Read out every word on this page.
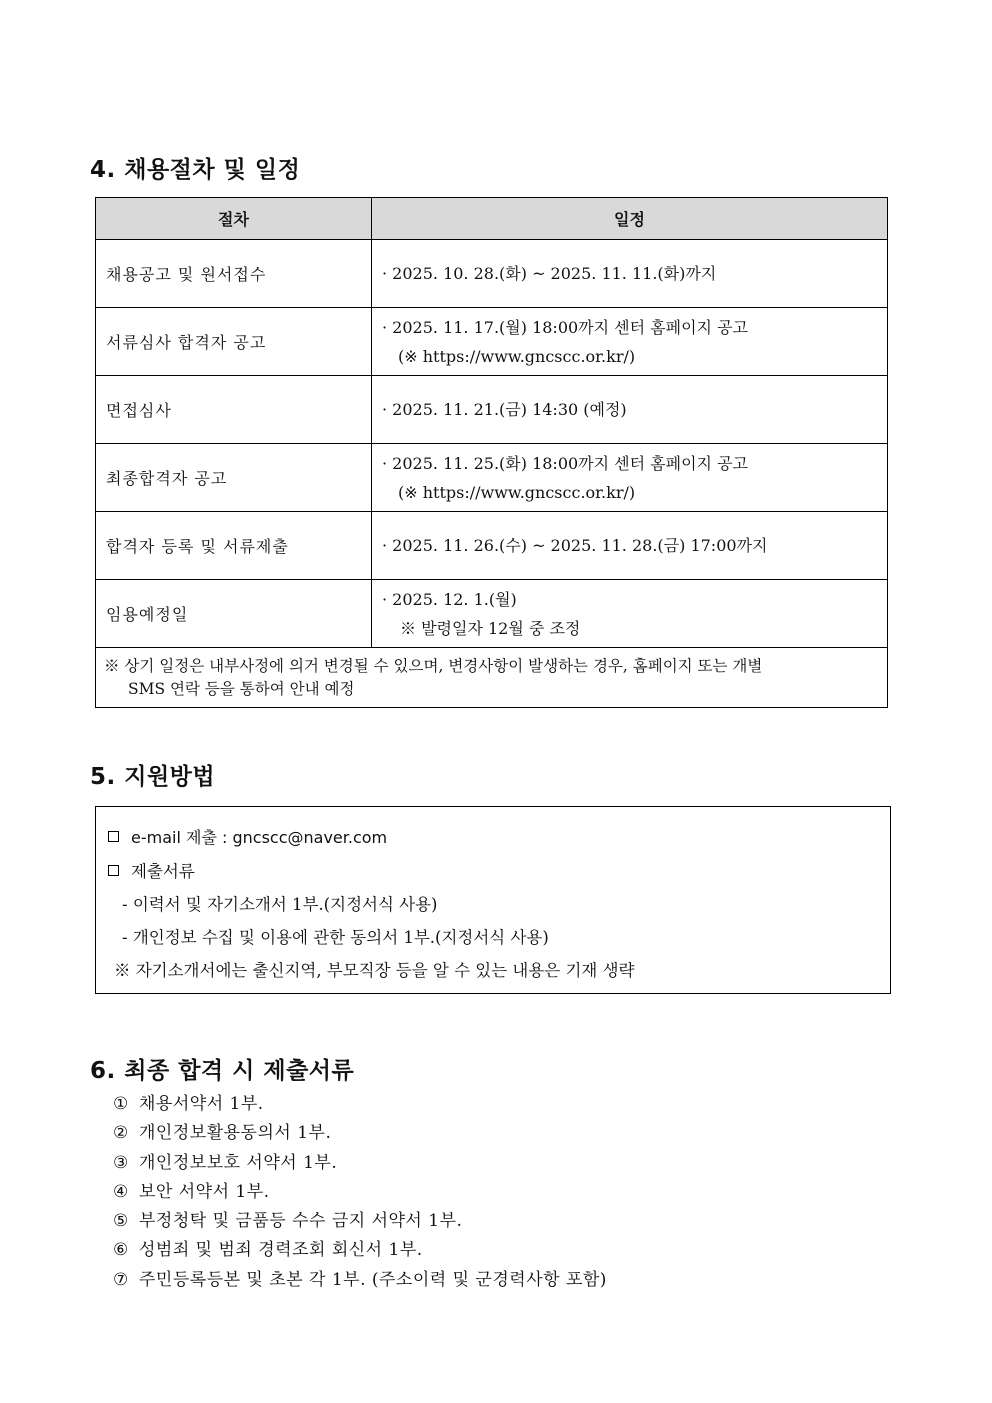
4. 채용절차 및 일정
절차	일정
채용공고 및 원서접수	· 2025. 10. 28.(화) ~ 2025. 11. 11.(화)까지

서류심사 합격자 공고	· 2025. 11. 17.(월) 18:00까지 센터 홈페이지 공고
(※ https://www.gncscc.or.kr/)

면접심사	· 2025. 11. 21.(금) 14:30 (예정)

최종합격자 공고	· 2025. 11. 25.(화) 18:00까지 센터 홈페이지 공고
(※ https://www.gncscc.or.kr/)

합격자 등록 및 서류제출	· 2025. 11. 26.(수) ~ 2025. 11. 28.(금) 17:00까지

임용예정일	· 2025. 12. 1.(월)
※ 발령일자 12월 중 조정

※ 상기 일정은 내부사정에 의거 변경될 수 있으며, 변경사항이 발생하는 경우, 홈페이지 또는 개별
SMS 연락 등을 통하여 안내 예정	
5. 지원방법
e-mail 제출 : gncscc@naver.com
제출서류
- 이력서 및 자기소개서 1부.(지정서식 사용)
- 개인정보 수집 및 이용에 관한 동의서 1부.(지정서식 사용)
※ 자기소개서에는 출신지역, 부모직장 등을 알 수 있는 내용은 기재 생략
6. 최종 합격 시 제출서류
① 채용서약서 1부.
② 개인정보활용동의서 1부.
③ 개인정보보호 서약서 1부.
④ 보안 서약서 1부.
⑤ 부정청탁 및 금품등 수수 금지 서약서 1부.
⑥ 성범죄 및 범죄 경력조회 회신서 1부.
⑦ 주민등록등본 및 초본 각 1부. (주소이력 및 군경력사항 포함)
